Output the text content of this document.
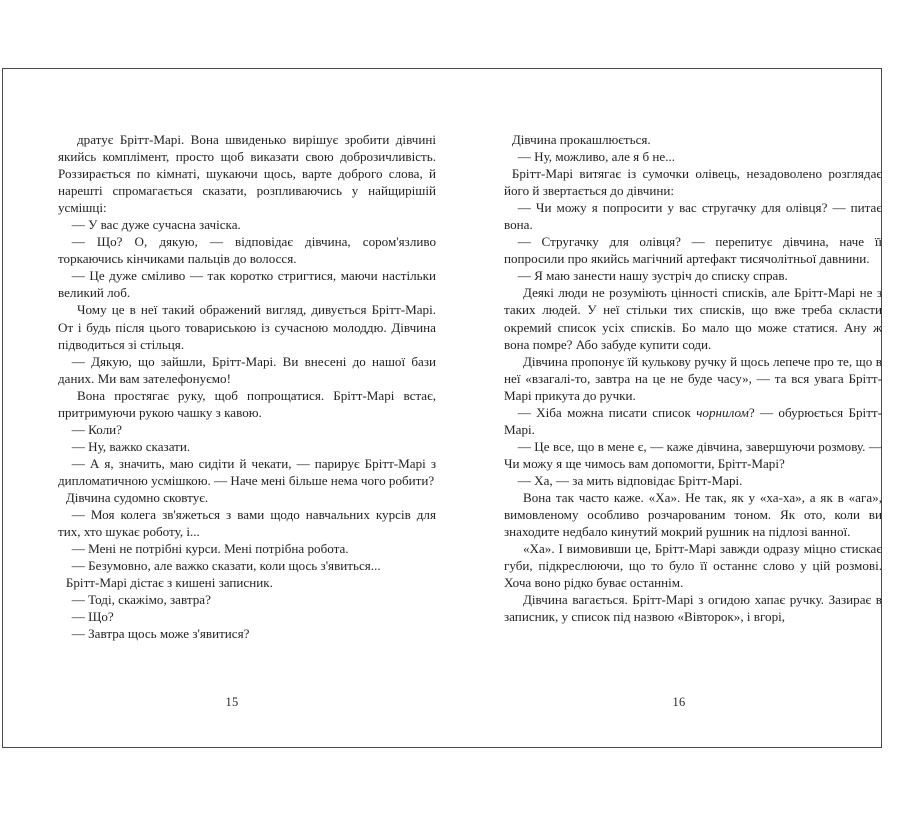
дратує Брітт-Марі. Вона швиденько вирішує зробити дівчині якийсь комплімент, просто щоб виказати свою доброзичливість. Роззирається по кімнаті, шукаючи щось, варте доброго слова, й нарешті спромагається сказати, розпливаючись у найщирішій усмішці:

— У вас дуже сучасна зачіска.

— Що? О, дякую, — відповідає дівчина, сором'язливо торкаючись кінчиками пальців до волосся.

— Це дуже сміливо — так коротко стригтися, маючи настільки великий лоб.

Чому це в неї такий ображений вигляд, дивується Брітт-Марі. От і будь після цього товариською із сучасною молоддю. Дівчина підводиться зі стільця.

— Дякую, що зайшли, Брітт-Марі. Ви внесені до нашої бази даних. Ми вам зателефонуємо!

Вона простягає руку, щоб попрощатися. Брітт-Марі встає, притримуючи рукою чашку з кавою.

— Коли?

— Ну, важко сказати.

— А я, значить, маю сидіти й чекати, — парирує Брітт-Марі з дипломатичною усмішкою. — Наче мені більше нема чого робити?

Дівчина судомно сковтує.

— Моя колега зв'яжеться з вами щодо навчальних курсів для тих, хто шукає роботу, і...

— Мені не потрібні курси. Мені потрібна робота.

— Безумовно, але важко сказати, коли щось з'явиться...

Брітт-Марі дістає з кишені записник.

— Тоді, скажімо, завтра?

— Що?

— Завтра щось може з'явитися?

15

Дівчина прокашлюється.

— Ну, можливо, але я б не...

Брітт-Марі витягає із сумочки олівець, незадоволено розглядає його й звертається до дівчини:

— Чи можу я попросити у вас стругачку для олівця? — питає вона.

— Стругачку для олівця? — перепитує дівчина, наче її попросили про якийсь магічний артефакт тисячолітньої давнини.

— Я маю занести нашу зустріч до списку справ.

Деякі люди не розуміють цінності списків, але Брітт-Марі не з таких людей. У неї стільки тих списків, що вже треба скласти окремий список усіх списків. Бо мало що може статися. Ану ж вона помре? Або забуде купити соди.

Дівчина пропонує їй кулькову ручку й щось лепече про те, що в неї «взагалі-то, завтра на це не буде часу», — та вся увага Брітт-Марі прикута до ручки.

— Хіба можна писати список чорнилом? — обурюється Брітт-Марі.

— Це все, що в мене є, — каже дівчина, завершуючи розмову. — Чи можу я ще чимось вам допомогти, Брітт-Марі?

— Ха, — за мить відповідає Брітт-Марі.

Вона так часто каже. «Ха». Не так, як у «ха-ха», а як в «ага», вимовленому особливо розчарованим тоном. Як ото, коли ви знаходите недбало кинутий мокрий рушник на підлозі ванної.

«Ха». І вимовивши це, Брітт-Марі завжди одразу міцно стискає губи, підкреслюючи, що то було її останнє слово у цій розмові. Хоча воно рідко буває останнім.

Дівчина вагається. Брітт-Марі з огидою хапає ручку. Зазирає в записник, у список під назвою «Вівторок», і вгорі,

16
